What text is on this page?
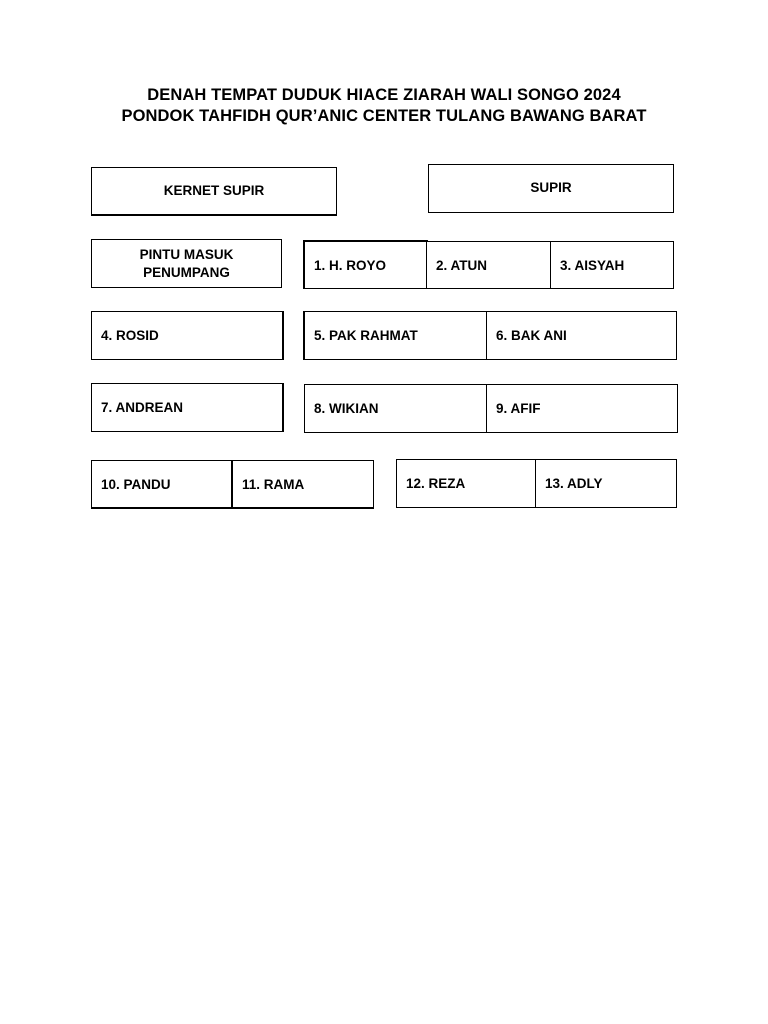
DENAH TEMPAT DUDUK HIACE ZIARAH WALI SONGO 2024
PONDOK TAHFIDH QUR’ANIC CENTER TULANG BAWANG BARAT
KERNET SUPIR	SUPIR
PINTU MASUK
PENUMPANG	1. H. ROYO	2. ATUN	3. AISYAH
4. ROSID	5. PAK RAHMAT	6. BAK ANI
7. ANDREAN	8. WIKIAN	9. AFIF
10. PANDU	11. RAMA	12. REZA	13. ADLY
